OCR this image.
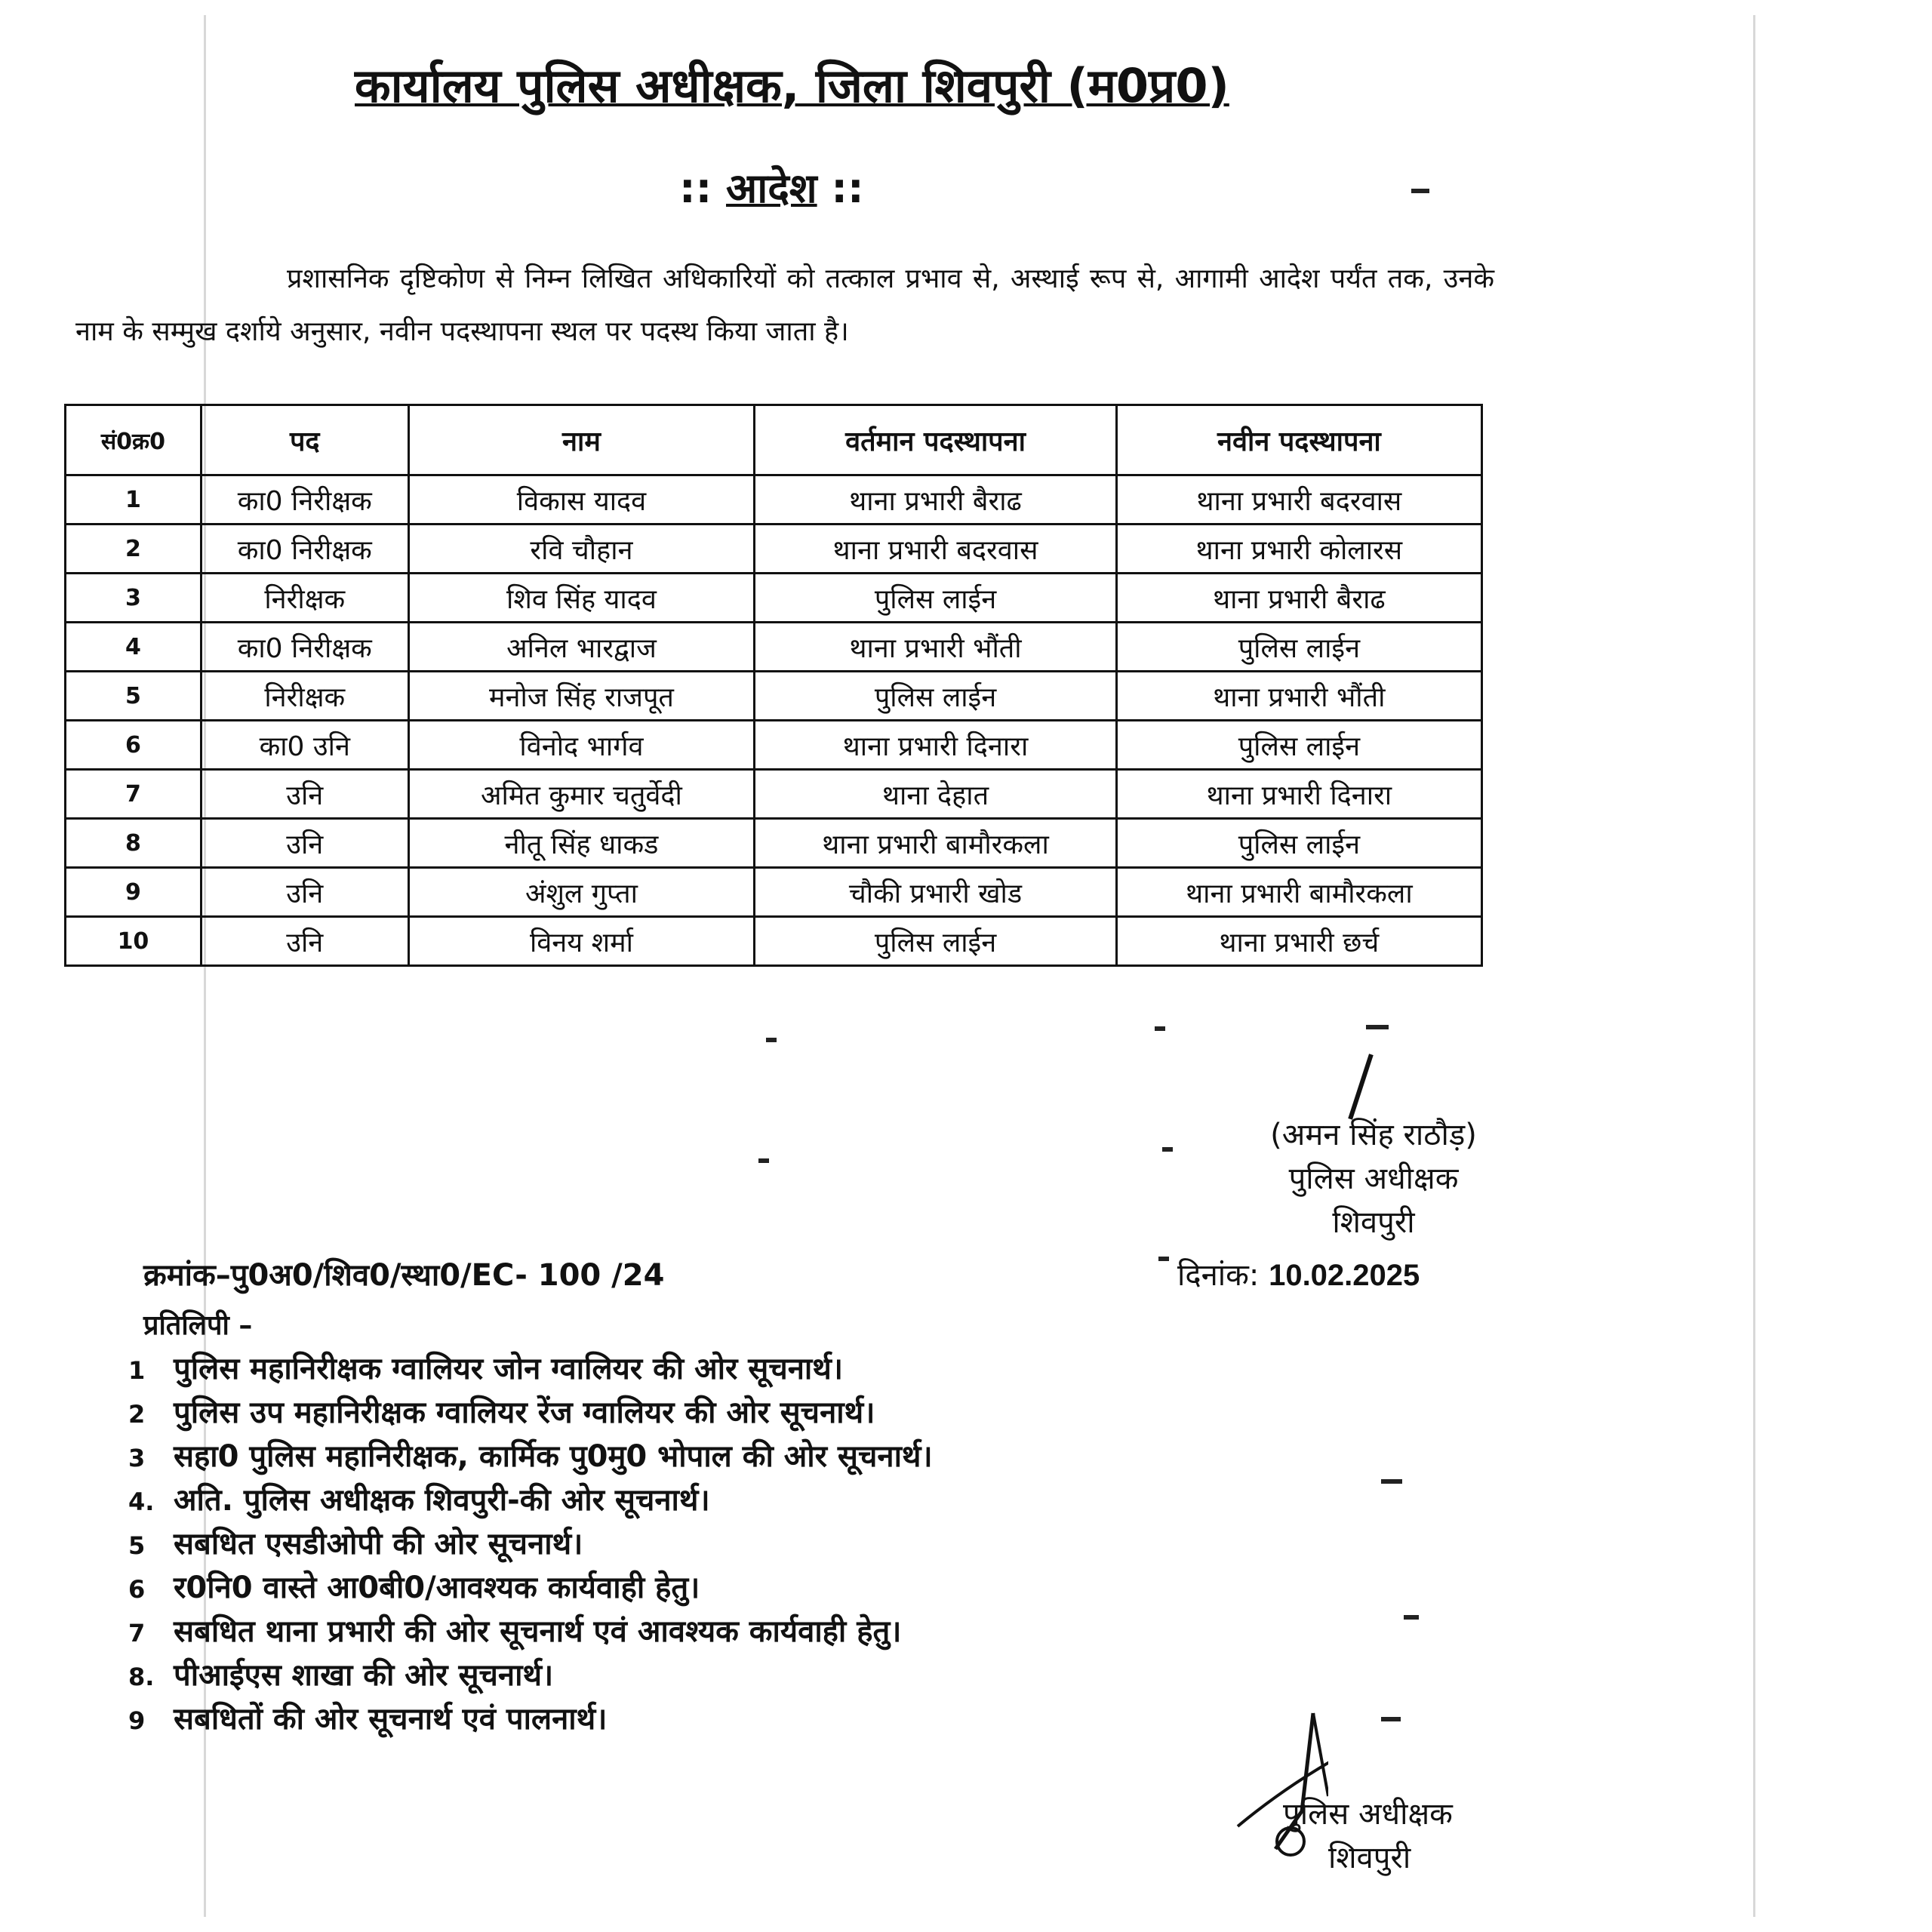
कार्यालय पुलिस अधीक्षक, जिला शिवपुरी (म0प्र0)
:: आदेश ::
प्रशासनिक दृष्टिकोण से निम्न लिखित अधिकारियों को तत्काल प्रभाव से, अस्थाई रूप से, आगामी आदेश पर्यंत तक, उनके नाम के सम्मुख दर्शाये अनुसार, नवीन पदस्थापना स्थल पर पदस्थ किया जाता है।
सं0क्र0	पद	नाम	वर्तमान पदस्थापना	नवीन पदस्थापना
1	का0 निरीक्षक	विकास यादव	थाना प्रभारी बैराढ	थाना प्रभारी बदरवास
2	का0 निरीक्षक	रवि चौहान	थाना प्रभारी बदरवास	थाना प्रभारी कोलारस
3	निरीक्षक	शिव सिंह यादव	पुलिस लाईन	थाना प्रभारी बैराढ
4	का0 निरीक्षक	अनिल भारद्वाज	थाना प्रभारी भौंती	पुलिस लाईन
5	निरीक्षक	मनोज सिंह राजपूत	पुलिस लाईन	थाना प्रभारी भौंती
6	का0 उनि	विनोद भार्गव	थाना प्रभारी दिनारा	पुलिस लाईन
7	उनि	अमित कुमार चतुर्वेदी	थाना देहात	थाना प्रभारी दिनारा
8	उनि	नीतू सिंह धाकड	थाना प्रभारी बामौरकला	पुलिस लाईन
9	उनि	अंशुल गुप्ता	चौकी प्रभारी खोड	थाना प्रभारी बामौरकला
10	उनि	विनय शर्मा	पुलिस लाईन	थाना प्रभारी छर्च
(अमन सिंह राठौड़)
पुलिस अधीक्षक
शिवपुरी
क्रमांक–पु0अ0/शिव0/स्था0/EC- 100 /24	दिनांक: 10.02.2025
प्रतिलिपी –
1 पुलिस महानिरीक्षक ग्वालियर जोन ग्वालियर की ओर सूचनार्थ।
2 पुलिस उप महानिरीक्षक ग्वालियर रेंज ग्वालियर की ओर सूचनार्थ।
3 सहा0 पुलिस महानिरीक्षक, कार्मिक पु0मु0 भोपाल की ओर सूचनार्थ।
4. अति. पुलिस अधीक्षक शिवपुरी-की ओर सूचनार्थ।
5 सबधित एसडीओपी की ओर सूचनार्थ।
6 र0नि0 वास्ते आ0बी0/आवश्यक कार्यवाही हेतु।
7 सबधित थाना प्रभारी की ओर सूचनार्थ एवं आवश्यक कार्यवाही हेतु।
8. पीआईएस शाखा की ओर सूचनार्थ।
9 सबधितों की ओर सूचनार्थ एवं पालनार्थ।
पुलिस अधीक्षक
शिवपुरी
